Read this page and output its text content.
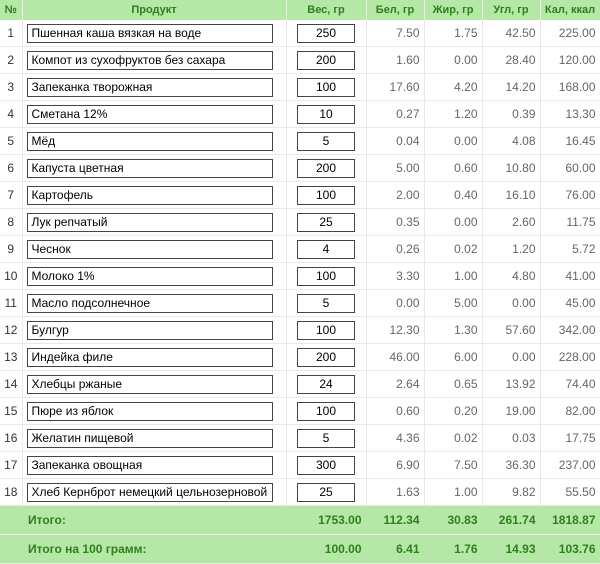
№	Продукт	Вес, гр	Бел, гр	Жир, гр	Угл, гр	Кал, ккал
1	Пшенная каша вязкая на воде	250	7.50	1.75	42.50	225.00
2	Компот из сухофруктов без сахара	200	1.60	0.00	28.40	120.00
3	Запеканка творожная	100	17.60	4.20	14.20	168.00
4	Сметана 12%	10	0.27	1.20	0.39	13.30
5	Мёд	5	0.04	0.00	4.08	16.45
6	Капуста цветная	200	5.00	0.60	10.80	60.00
7	Картофель	100	2.00	0.40	16.10	76.00
8	Лук репчатый	25	0.35	0.00	2.60	11.75
9	Чеснок	4	0.26	0.02	1.20	5.72
10	Молоко 1%	100	3.30	1.00	4.80	41.00
11	Масло подсолнечное	5	0.00	5.00	0.00	45.00
12	Булгур	100	12.30	1.30	57.60	342.00
13	Индейка филе	200	46.00	6.00	0.00	228.00
14	Хлебцы ржаные	24	2.64	0.65	13.92	74.40
15	Пюре из яблок	100	0.60	0.20	19.00	82.00
16	Желатин пищевой	5	4.36	0.02	0.03	17.75
17	Запеканка овощная	300	6.90	7.50	36.30	237.00
18	Хлеб Кернброт немецкий цельнозерновой	25	1.63	1.00	9.82	55.50
Итого:		1753.00	112.34	30.83	261.74	1818.87
Итого на 100 грамм:		100.00	6.41	1.76	14.93	103.76
